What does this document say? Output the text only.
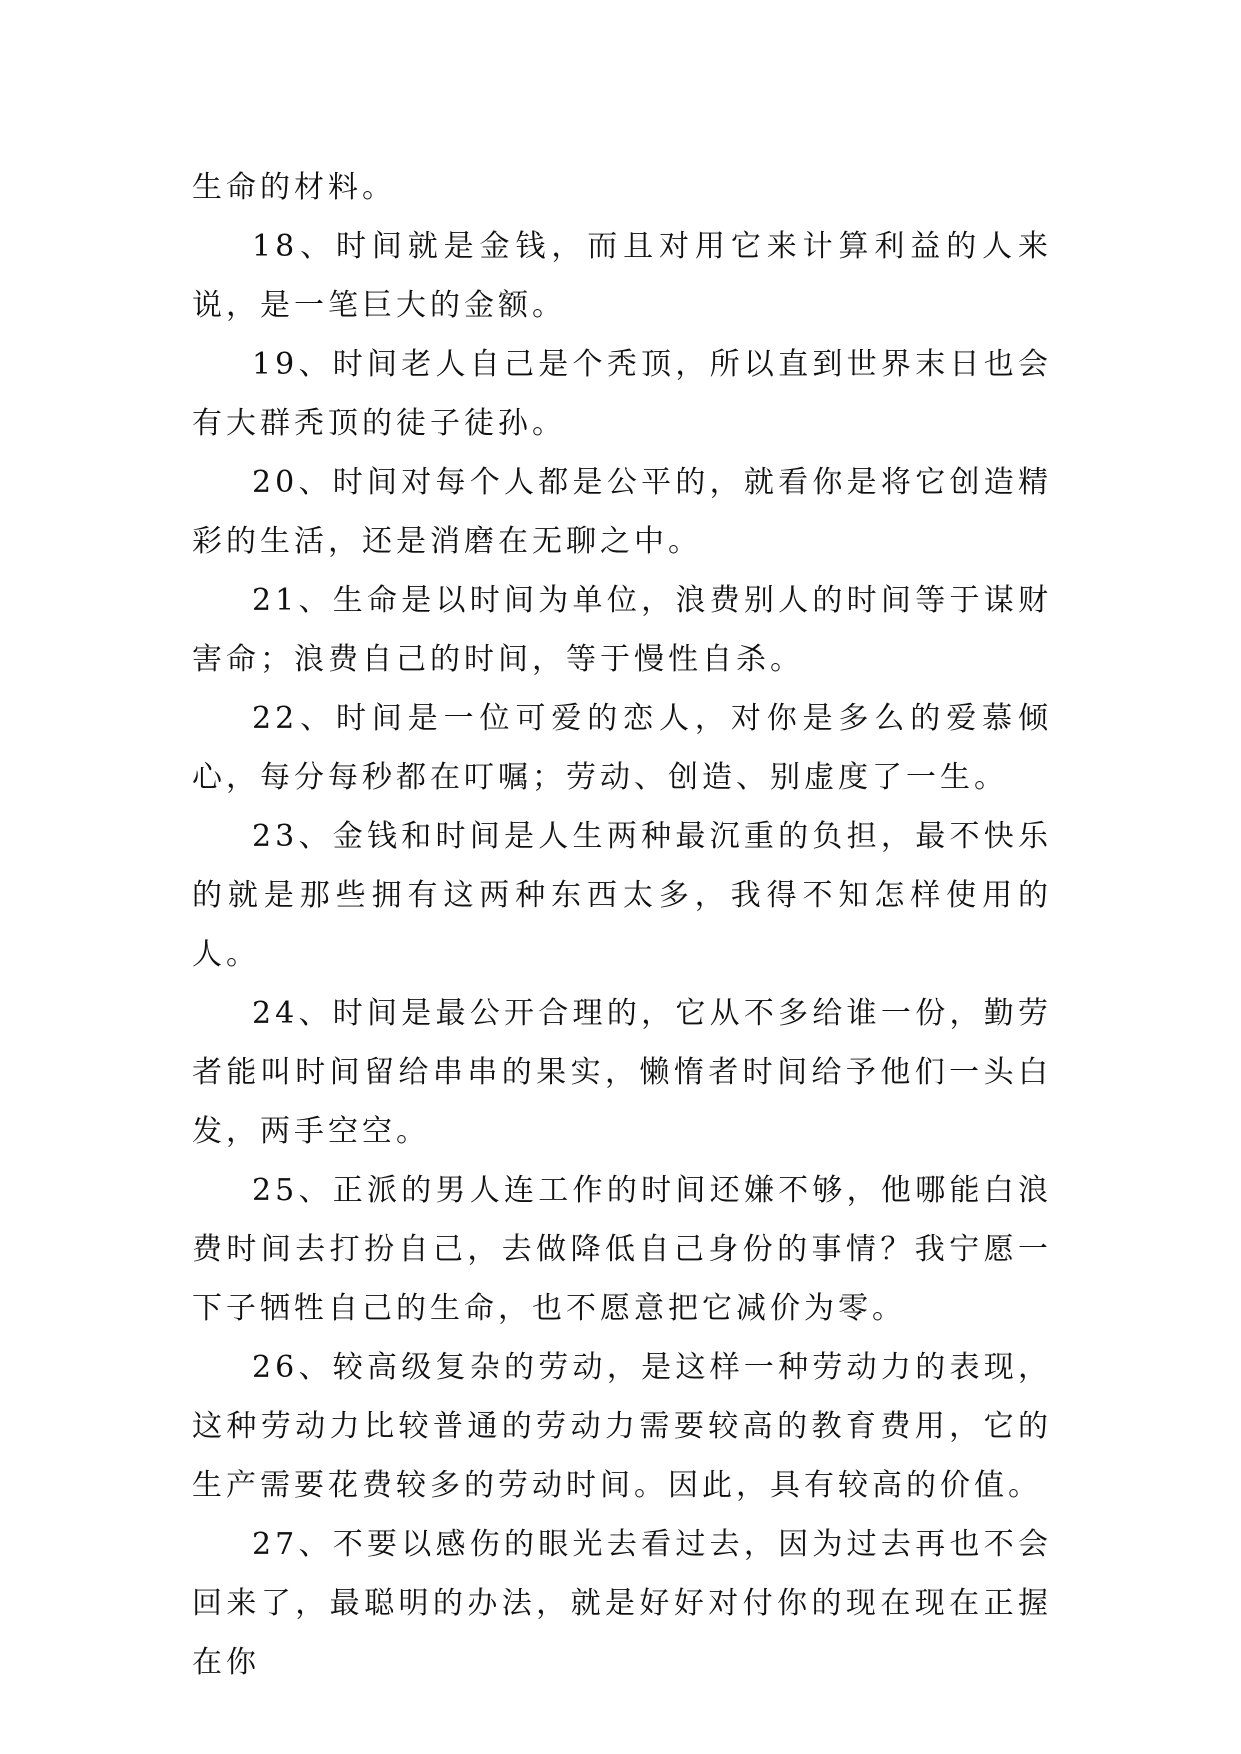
生命的材料。

18、时间就是金钱，而且对用它来计算利益的人来说，是一笔巨大的金额。

19、时间老人自己是个秃顶，所以直到世界末日也会有大群秃顶的徒子徒孙。

20、时间对每个人都是公平的，就看你是将它创造精彩的生活，还是消磨在无聊之中。

21、生命是以时间为单位，浪费别人的时间等于谋财害命；浪费自己的时间，等于慢性自杀。

22、时间是一位可爱的恋人，对你是多么的爱慕倾心，每分每秒都在叮嘱；劳动、创造、别虚度了一生。

23、金钱和时间是人生两种最沉重的负担，最不快乐的就是那些拥有这两种东西太多，我得不知怎样使用的人。

24、时间是最公开合理的，它从不多给谁一份，勤劳者能叫时间留给串串的果实，懒惰者时间给予他们一头白发，两手空空。

25、正派的男人连工作的时间还嫌不够，他哪能白浪费时间去打扮自己，去做降低自己身份的事情？我宁愿一下子牺牲自己的生命，也不愿意把它减价为零。

26、较高级复杂的劳动，是这样一种劳动力的表现，这种劳动力比较普通的劳动力需要较高的教育费用，它的生产需要花费较多的劳动时间。因此，具有较高的价值。

27、不要以感伤的眼光去看过去，因为过去再也不会回来了，最聪明的办法，就是好好对付你的现在现在正握在你
